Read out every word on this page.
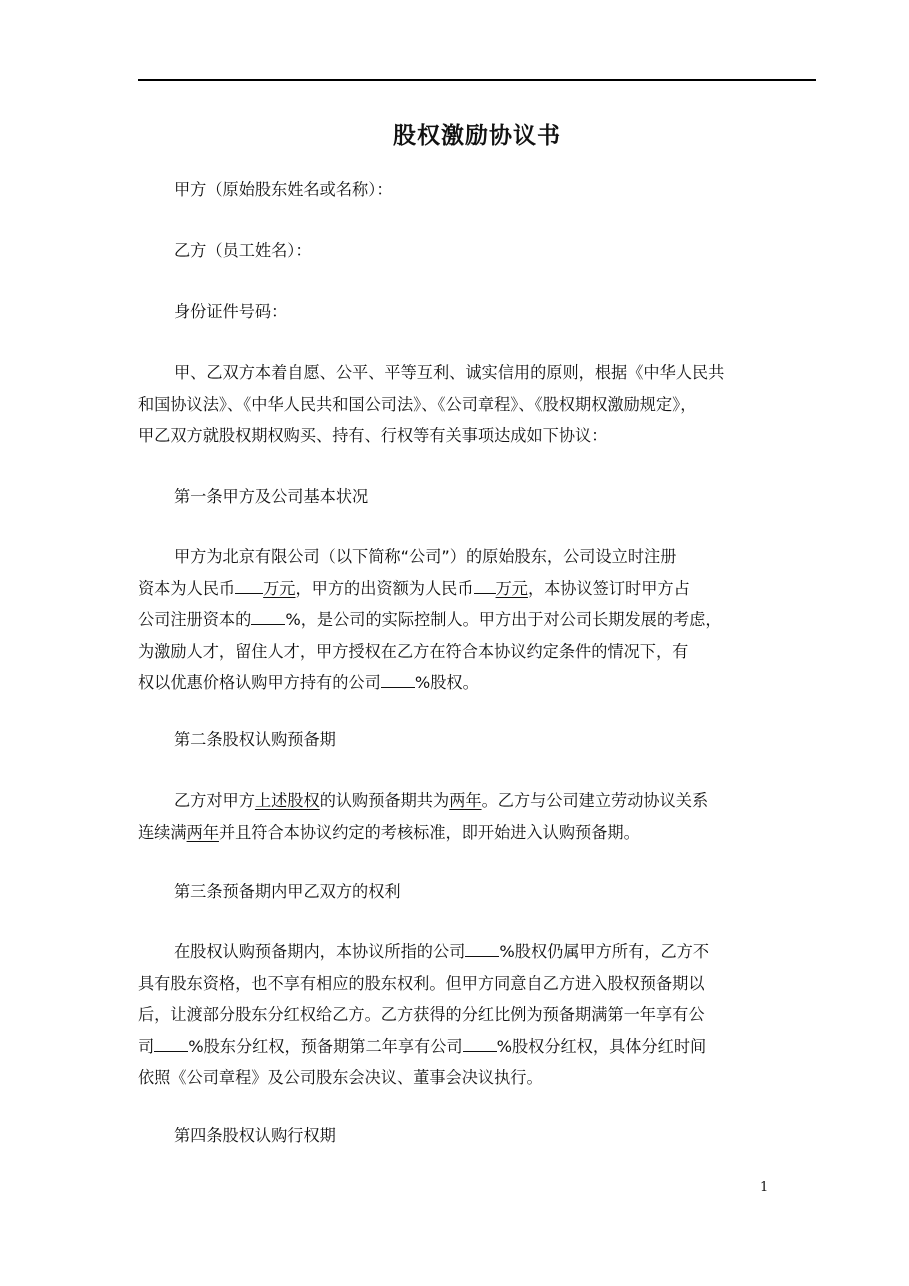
股权激励协议书
甲方（原始股东姓名或名称）：
乙方（员工姓名）：
身份证件号码：
甲、乙双方本着自愿、公平、平等互利、诚实信用的原则，根据《中华人民共
和国协议法》、《中华人民共和国公司法》、《公司章程》、《股权期权激励规定》，
甲乙双方就股权期权购买、持有、行权等有关事项达成如下协议：
第一条甲方及公司基本状况
甲方为北京有限公司（以下简称“公司”）的原始股东，公司设立时注册
资本为人民币 万元，甲方的出资额为人民币 万元，本协议签订时甲方占
公司注册资本的 %，是公司的实际控制人。甲方出于对公司长期发展的考虑，
为激励人才，留住人才，甲方授权在乙方在符合本协议约定条件的情况下，有
权以优惠价格认购甲方持有的公司 %股权。
第二条股权认购预备期
乙方对甲方上述股权的认购预备期共为两年。乙方与公司建立劳动协议关系
连续满两年并且符合本协议约定的考核标准，即开始进入认购预备期。
第三条预备期内甲乙双方的权利
在股权认购预备期内，本协议所指的公司 %股权仍属甲方所有，乙方不
具有股东资格，也不享有相应的股东权利。但甲方同意自乙方进入股权预备期以
后，让渡部分股东分红权给乙方。乙方获得的分红比例为预备期满第一年享有公
司 %股东分红权，预备期第二年享有公司 %股权分红权，具体分红时间
依照《公司章程》及公司股东会决议、董事会决议执行。
第四条股权认购行权期
1
